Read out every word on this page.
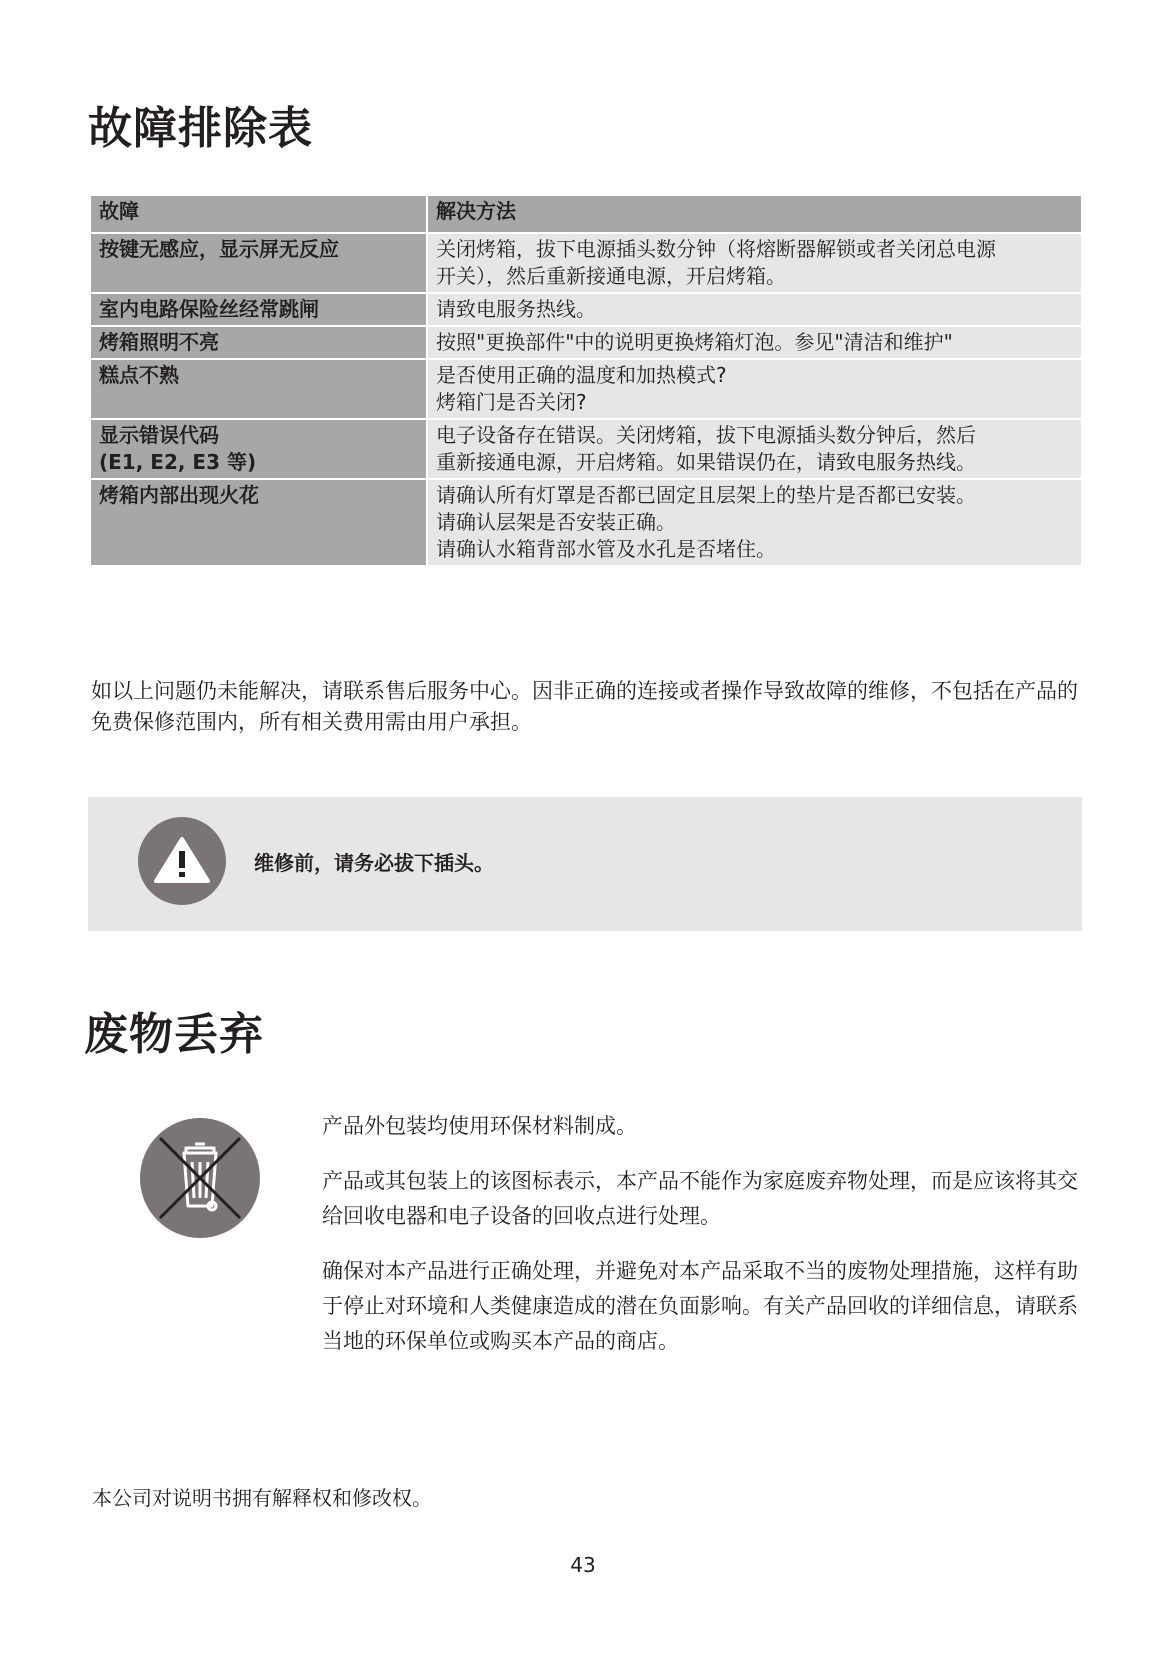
故障排除表
故障	解决方法
按键无感应，显示屏无反应	关闭烤箱，拔下电源插头数分钟（将熔断器解锁或者关闭总电源
开关），然后重新接通电源，开启烤箱。
室内电路保险丝经常跳闸	请致电服务热线。
烤箱照明不亮	按照"更换部件"中的说明更换烤箱灯泡。参见"清洁和维护"
糕点不熟	是否使用正确的温度和加热模式?
烤箱门是否关闭?
显示错误代码
(E1, E2, E3 等)	电子设备存在错误。关闭烤箱，拔下电源插头数分钟后，然后
重新接通电源，开启烤箱。如果错误仍在，请致电服务热线。
烤箱内部出现火花	请确认所有灯罩是否都已固定且层架上的垫片是否都已安装。
请确认层架是否安装正确。
请确认水箱背部水管及水孔是否堵住。

如以上问题仍未能解决，请联系售后服务中心。因非正确的连接或者操作导致故障的维修，不包括在产品的免费保修范围内，所有相关费用需由用户承担。

维修前，请务必拔下插头。

废物丢弃

产品外包装均使用环保材料制成。

产品或其包装上的该图标表示，本产品不能作为家庭废弃物处理，而是应该将其交给回收电器和电子设备的回收点进行处理。

确保对本产品进行正确处理，并避免对本产品采取不当的废物处理措施，这样有助于停止对环境和人类健康造成的潜在负面影响。有关产品回收的详细信息，请联系当地的环保单位或购买本产品的商店。

本公司对说明书拥有解释权和修改权。

43
